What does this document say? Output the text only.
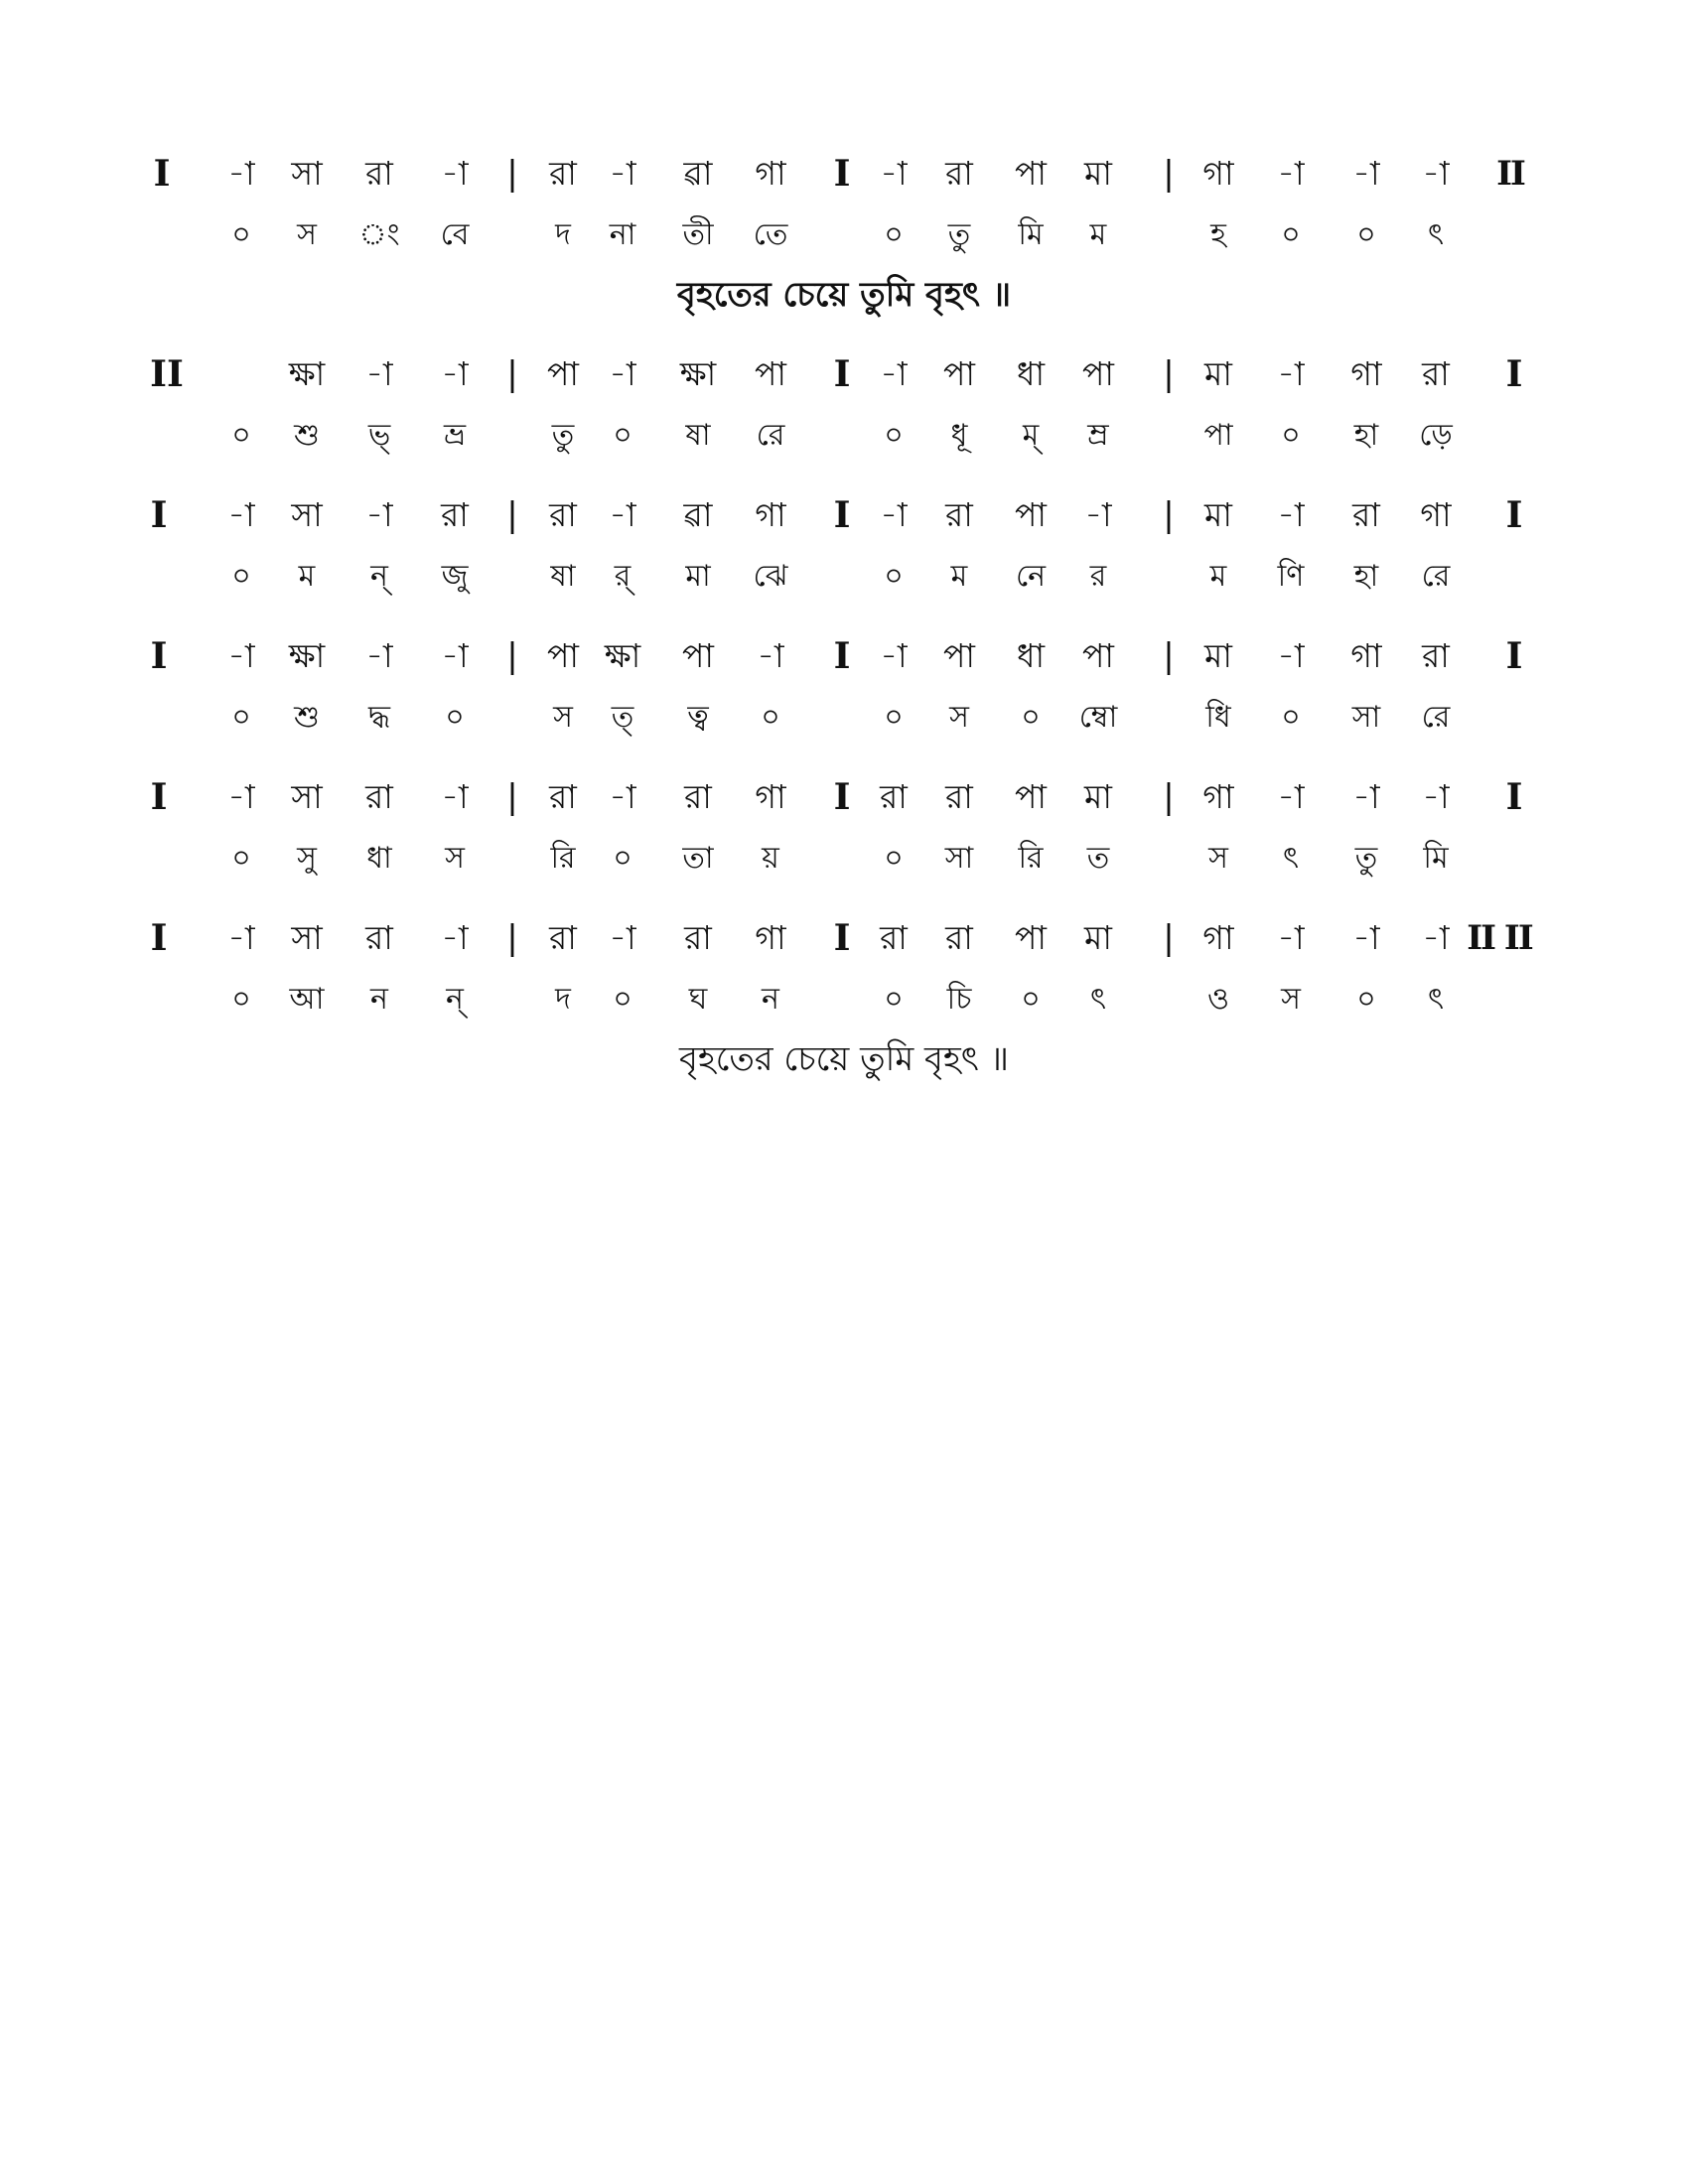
I -া সা রা -া | রা -া ৱা গা I -া রা পা মা | গা -া -া -া II
০ স ং বে	দ না তী তে	০ তু মি ম	হ ০ ০ ৎ
বৃহতের চেয়ে তুমি বৃহৎ ॥
II	ক্ষা -া -া | পা -া ক্ষা পা I -া পা ধা পা | মা -া গা রা I
০ শু ভ্ ভ্র	তু ০ ষা রে	০ ধূ ম্ ম্র	পা ০ হা ড়ে
I -া সা -া রা | রা -া ৱা গা I -া রা পা -া | মা -া রা গা I
০ ম ন্ জু	ষা র্ মা ঝে	০ ম নে র	ম ণি হা রে
I -া ক্ষা -া -া | পা ক্ষা পা -া I -া পা ধা পা | মা -া গা রা I
০ শু দ্ধ ০	স ত্ ত্ব ০	০ স ০ ম্বো	ধি ০ সা রে
I -া সা রা -া | রা -া রা গা I রা রা পা মা | গা -া -া -া I
০ সু ধা স	রি ০ তা য়	০ সা রি ত	স ৎ তু মি
I -া সা রা -া | রা -া রা গা I রা রা পা মা | গা -া -া -া II II
০ আ ন ন্	দ ০ ঘ ন	০ চি ০ ৎ	ও স ০ ৎ
বৃহতের চেয়ে তুমি বৃহৎ ॥
